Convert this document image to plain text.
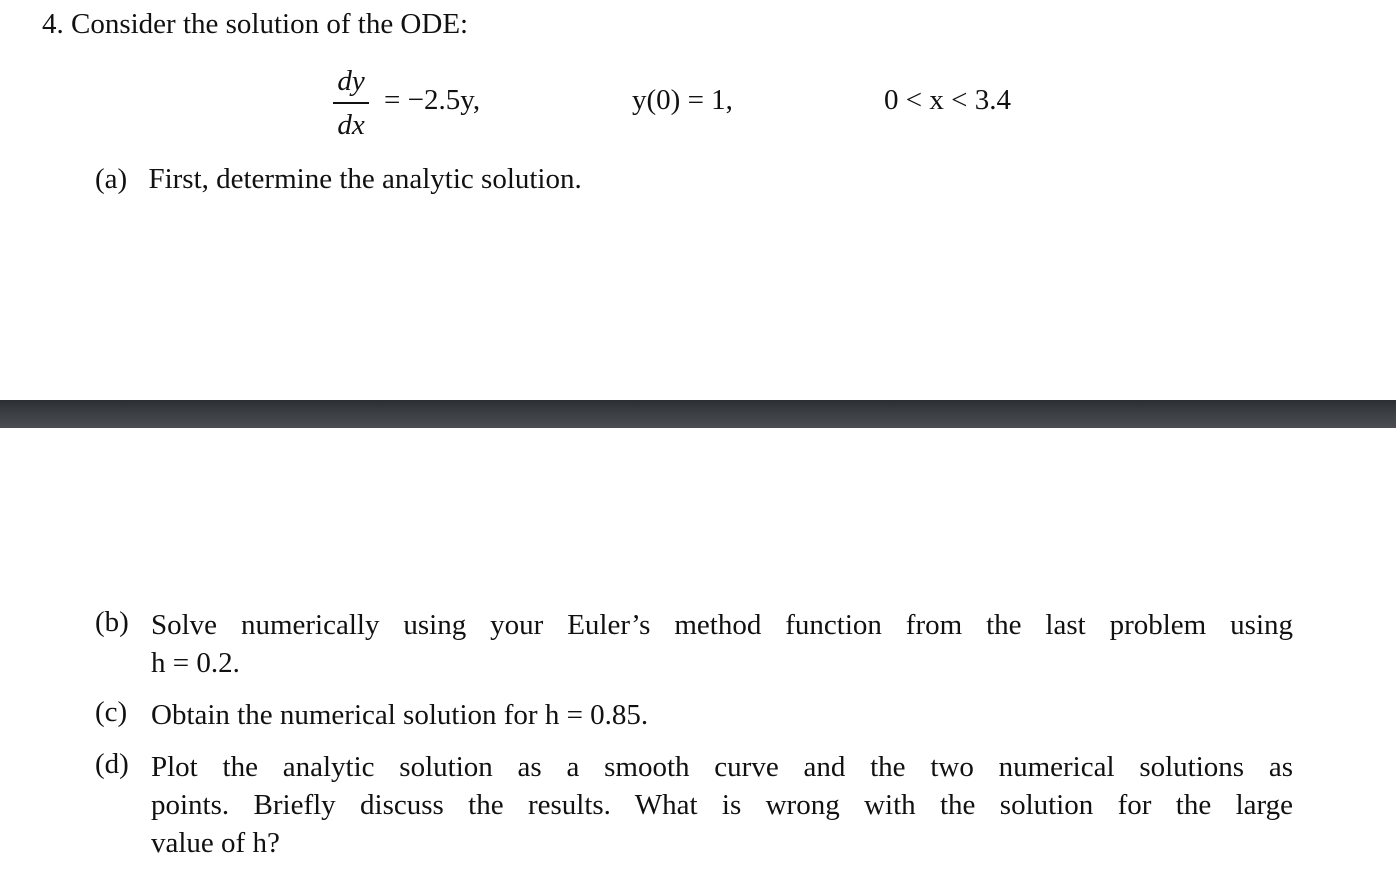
4. Consider the solution of the ODE:
dy
dx
= −2.5y,	y(0) = 1,	0 < x < 3.4
(a) First, determine the analytic solution.
(b) Solve numerically using your Euler’s method function from the last problem using
h = 0.2.
(c) Obtain the numerical solution for h = 0.85.
(d) Plot the analytic solution as a smooth curve and the two numerical solutions as
points. Briefly discuss the results. What is wrong with the solution for the large
value of h?
